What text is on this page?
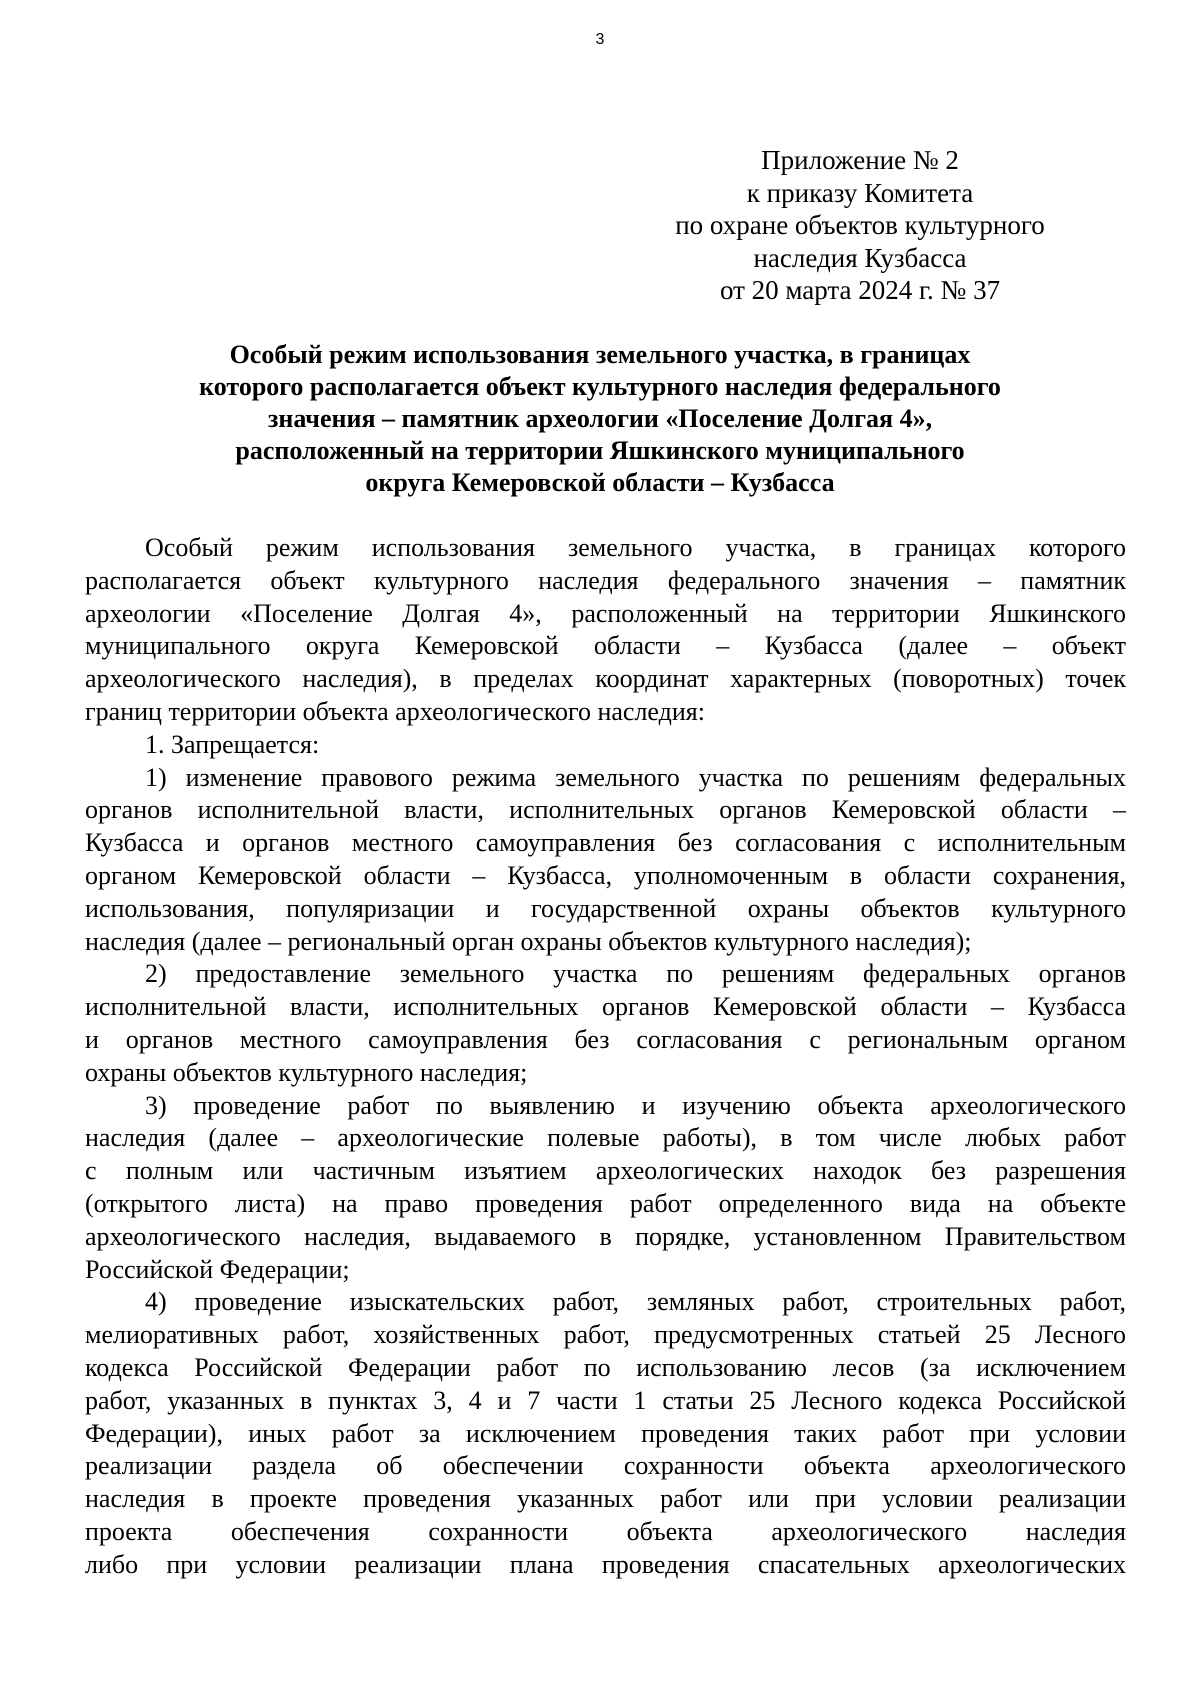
3
Приложение № 2
к приказу Комитета
по охране объектов культурного
наследия Кузбасса
от 20 марта 2024 г. № 37
Особый режим использования земельного участка, в границах
которого располагается объект культурного наследия федерального
значения – памятник археологии «Поселение Долгая 4»,
расположенный на территории Яшкинского муниципального
округа Кемеровской области – Кузбасса
Особый режим использования земельного участка, в границах которого
располагается объект культурного наследия федерального значения – памятник
археологии «Поселение Долгая 4», расположенный на территории Яшкинского
муниципального округа Кемеровской области – Кузбасса (далее – объект
археологического наследия), в пределах координат характерных (поворотных) точек
границ территории объекта археологического наследия:
1. Запрещается:
1) изменение правового режима земельного участка по решениям федеральных
органов исполнительной власти, исполнительных органов Кемеровской области –
Кузбасса и органов местного самоуправления без согласования с исполнительным
органом Кемеровской области – Кузбасса, уполномоченным в области сохранения,
использования, популяризации и государственной охраны объектов культурного
наследия (далее – региональный орган охраны объектов культурного наследия);
2) предоставление земельного участка по решениям федеральных органов
исполнительной власти, исполнительных органов Кемеровской области – Кузбасса
и органов местного самоуправления без согласования с региональным органом
охраны объектов культурного наследия;
3) проведение работ по выявлению и изучению объекта археологического
наследия (далее – археологические полевые работы), в том числе любых работ
с полным или частичным изъятием археологических находок без разрешения
(открытого листа) на право проведения работ определенного вида на объекте
археологического наследия, выдаваемого в порядке, установленном Правительством
Российской Федерации;
4) проведение изыскательских работ, земляных работ, строительных работ,
мелиоративных работ, хозяйственных работ, предусмотренных статьей 25 Лесного
кодекса Российской Федерации работ по использованию лесов (за исключением
работ, указанных в пунктах 3, 4 и 7 части 1 статьи 25 Лесного кодекса Российской
Федерации), иных работ за исключением проведения таких работ при условии
реализации раздела об обеспечении сохранности объекта археологического
наследия в проекте проведения указанных работ или при условии реализации
проекта обеспечения сохранности объекта археологического наследия
либо при условии реализации плана проведения спасательных археологических
